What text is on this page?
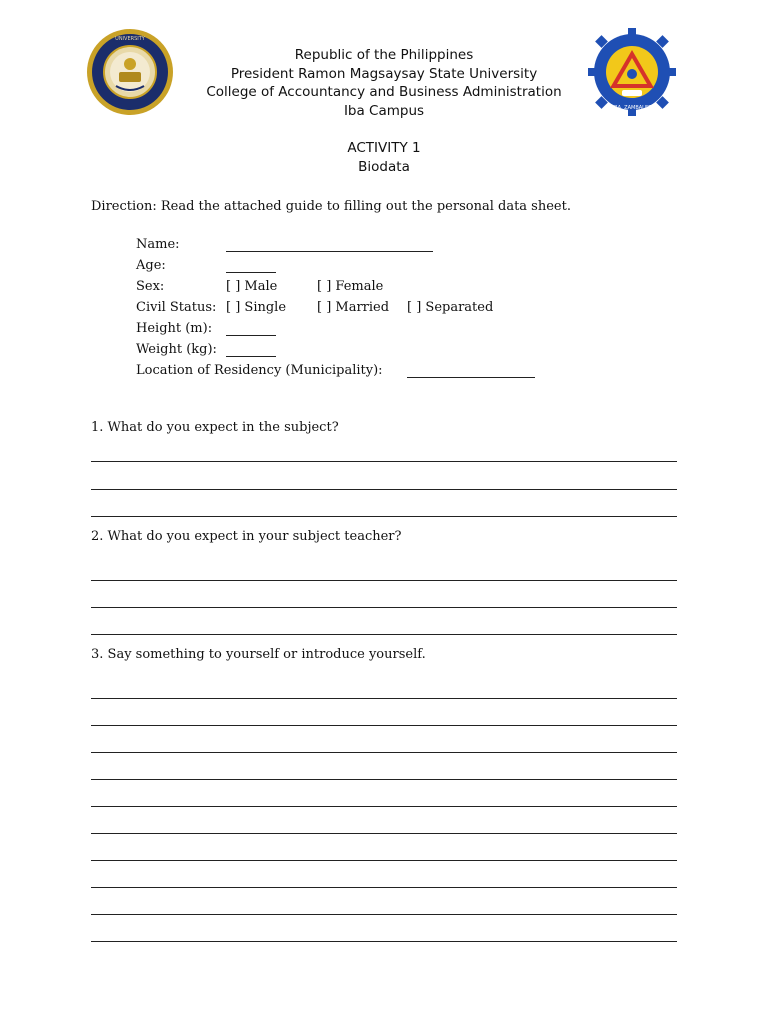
UNIVERSITY
IBA, ZAMBALES
Republic of the Philippines
President Ramon Magsaysay State University
College of Accountancy and Business Administration
Iba Campus
ACTIVITY 1
Biodata
Direction: Read the attached guide to filling out the personal data sheet.
Name:
Age:
Sex:	[ ] Male	[ ] Female
Civil Status: [ ] Single [ ] Married [ ] Separated
Height (m):
Weight (kg):
Location of Residency (Municipality):
1. What do you expect in the subject?
2. What do you expect in your subject teacher?
3. Say something to yourself or introduce yourself.
